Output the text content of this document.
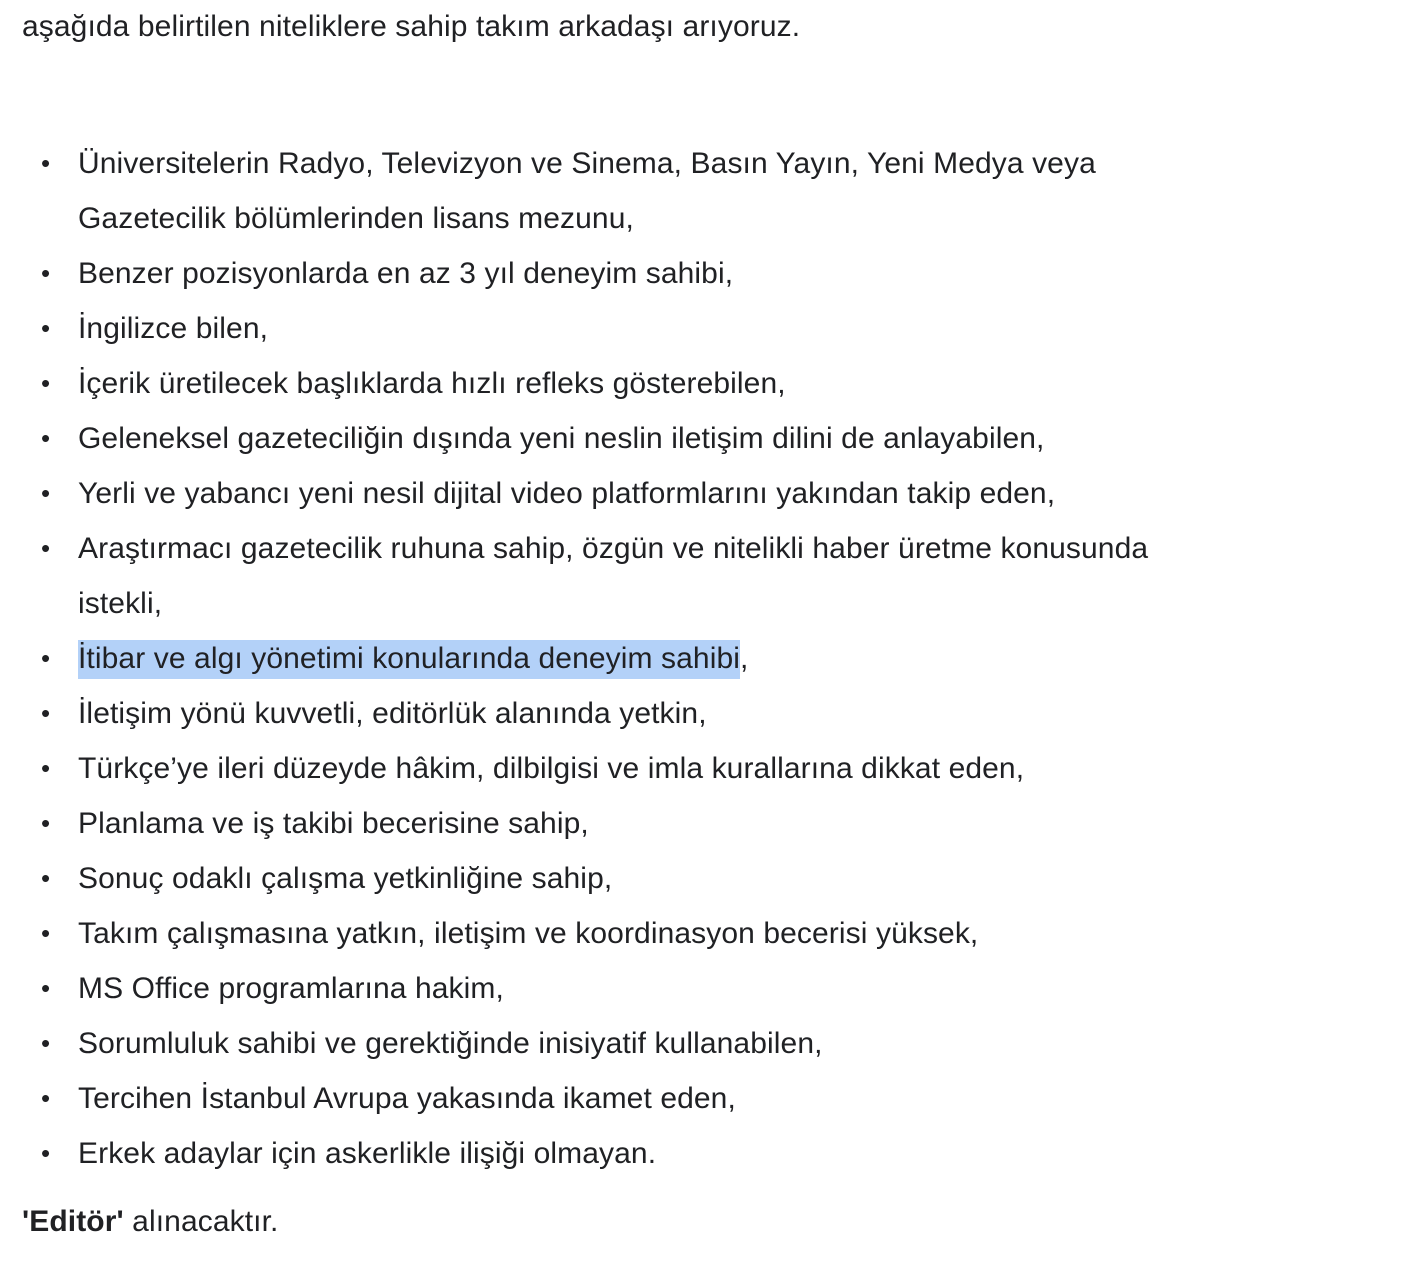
aşağıda belirtilen niteliklere sahip takım arkadaşı arıyoruz.

• Üniversitelerin Radyo, Televizyon ve Sinema, Basın Yayın, Yeni Medya veya Gazetecilik bölümlerinden lisans mezunu,
• Benzer pozisyonlarda en az 3 yıl deneyim sahibi,
• İngilizce bilen,
• İçerik üretilecek başlıklarda hızlı refleks gösterebilen,
• Geleneksel gazeteciliğin dışında yeni neslin iletişim dilini de anlayabilen,
• Yerli ve yabancı yeni nesil dijital video platformlarını yakından takip eden,
• Araştırmacı gazetecilik ruhuna sahip, özgün ve nitelikli haber üretme konusunda istekli,
• İtibar ve algı yönetimi konularında deneyim sahibi,
• İletişim yönü kuvvetli, editörlük alanında yetkin,
• Türkçe’ye ileri düzeyde hâkim, dilbilgisi ve imla kurallarına dikkat eden,
• Planlama ve iş takibi becerisine sahip,
• Sonuç odaklı çalışma yetkinliğine sahip,
• Takım çalışmasına yatkın, iletişim ve koordinasyon becerisi yüksek,
• MS Office programlarına hakim,
• Sorumluluk sahibi ve gerektiğinde inisiyatif kullanabilen,
• Tercihen İstanbul Avrupa yakasında ikamet eden,
• Erkek adaylar için askerlikle ilişiği olmayan.

'Editör' alınacaktır.
